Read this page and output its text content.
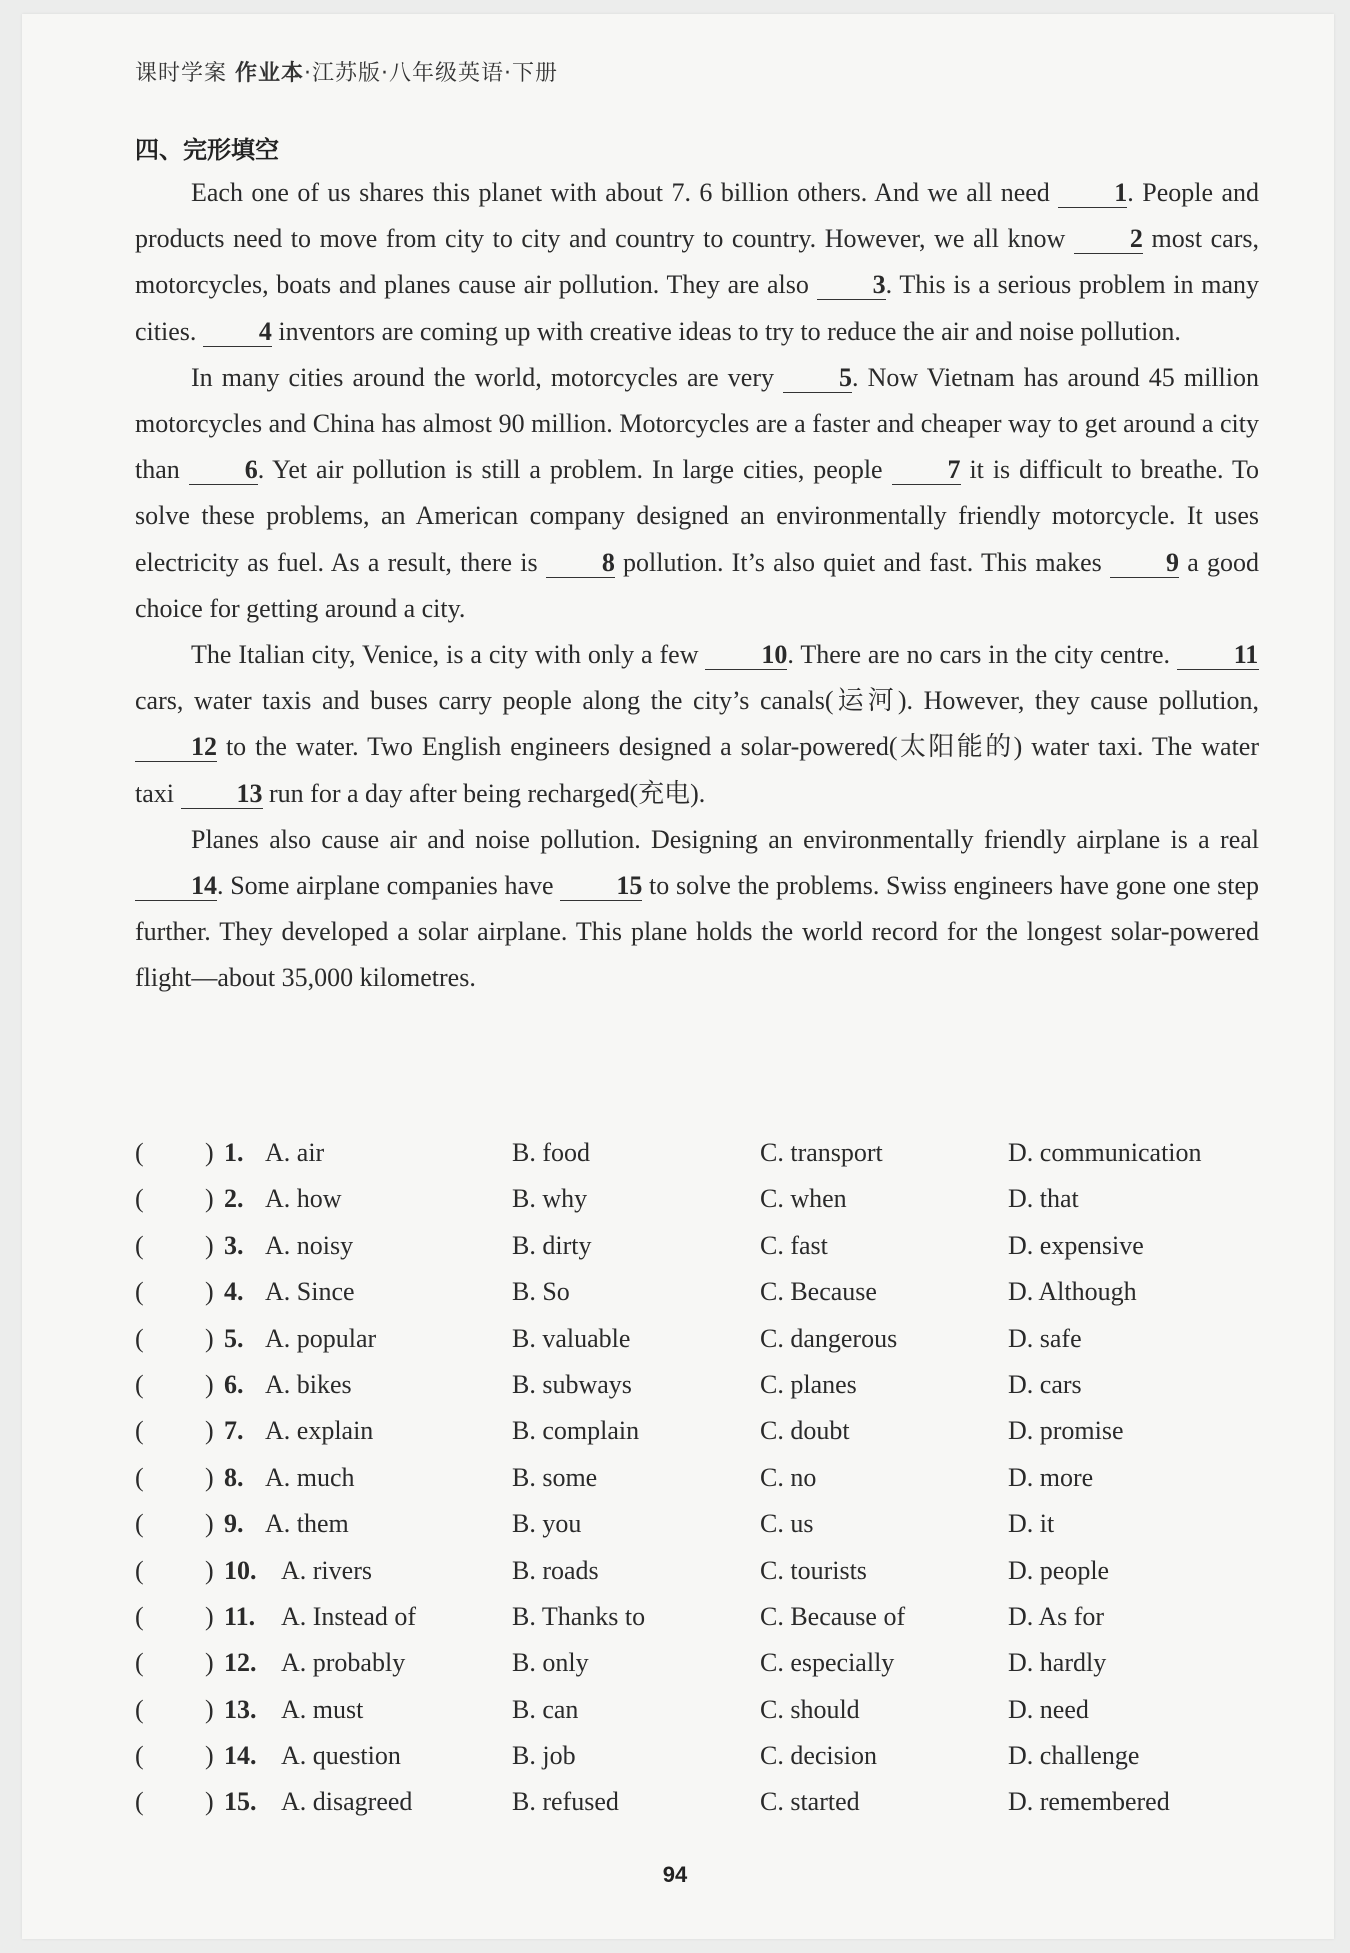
课时学案 作业本·江苏版·八年级英语·下册
四、完形填空

Each one of us shares this planet with about 7. 6 billion others. And we all need 1. People and products need to move from city to city and country to country. However, we all know 2 most cars, motorcycles, boats and planes cause air pollution. They are also 3. This is a serious problem in many cities. 4 inventors are coming up with creative ideas to try to reduce the air and noise pollution.

In many cities around the world, motorcycles are very 5. Now Vietnam has around 45 million motorcycles and China has almost 90 million. Motorcycles are a faster and cheaper way to get around a city than 6. Yet air pollution is still a problem. In large cities, people 7 it is difficult to breathe. To solve these problems, an American company designed an environmentally friendly motorcycle. It uses electricity as fuel. As a result, there is 8 pollution. It’s also quiet and fast. This makes 9 a good choice for getting around a city.

The Italian city, Venice, is a city with only a few 10. There are no cars in the city centre. 11 cars, water taxis and buses carry people along the city’s canals(运河). However, they cause pollution, 12 to the water. Two English engineers designed a solar-powered(太阳能的) water taxi. The water taxi 13 run for a day after being recharged(充电).

Planes also cause air and noise pollution. Designing an environmentally friendly airplane is a real 14. Some airplane companies have 15 to solve the problems. Swiss engineers have gone one step further. They developed a solar airplane. This plane holds the world record for the longest solar-powered flight—about 35,000 kilometres.

( ) 1. A. air	B. food	C. transport	D. communication
( ) 2. A. how	B. why	C. when	D. that
( ) 3. A. noisy	B. dirty	C. fast	D. expensive
( ) 4. A. Since	B. So	C. Because	D. Although
( ) 5. A. popular	B. valuable	C. dangerous	D. safe
( ) 6. A. bikes	B. subways	C. planes	D. cars
( ) 7. A. explain	B. complain	C. doubt	D. promise
( ) 8. A. much	B. some	C. no	D. more
( ) 9. A. them	B. you	C. us	D. it
( ) 10. A. rivers	B. roads	C. tourists	D. people
( ) 11. A. Instead of	B. Thanks to	C. Because of	D. As for
( ) 12. A. probably	B. only	C. especially	D. hardly
( ) 13. A. must	B. can	C. should	D. need
( ) 14. A. question	B. job	C. decision	D. challenge
( ) 15. A. disagreed	B. refused	C. started	D. remembered
94
